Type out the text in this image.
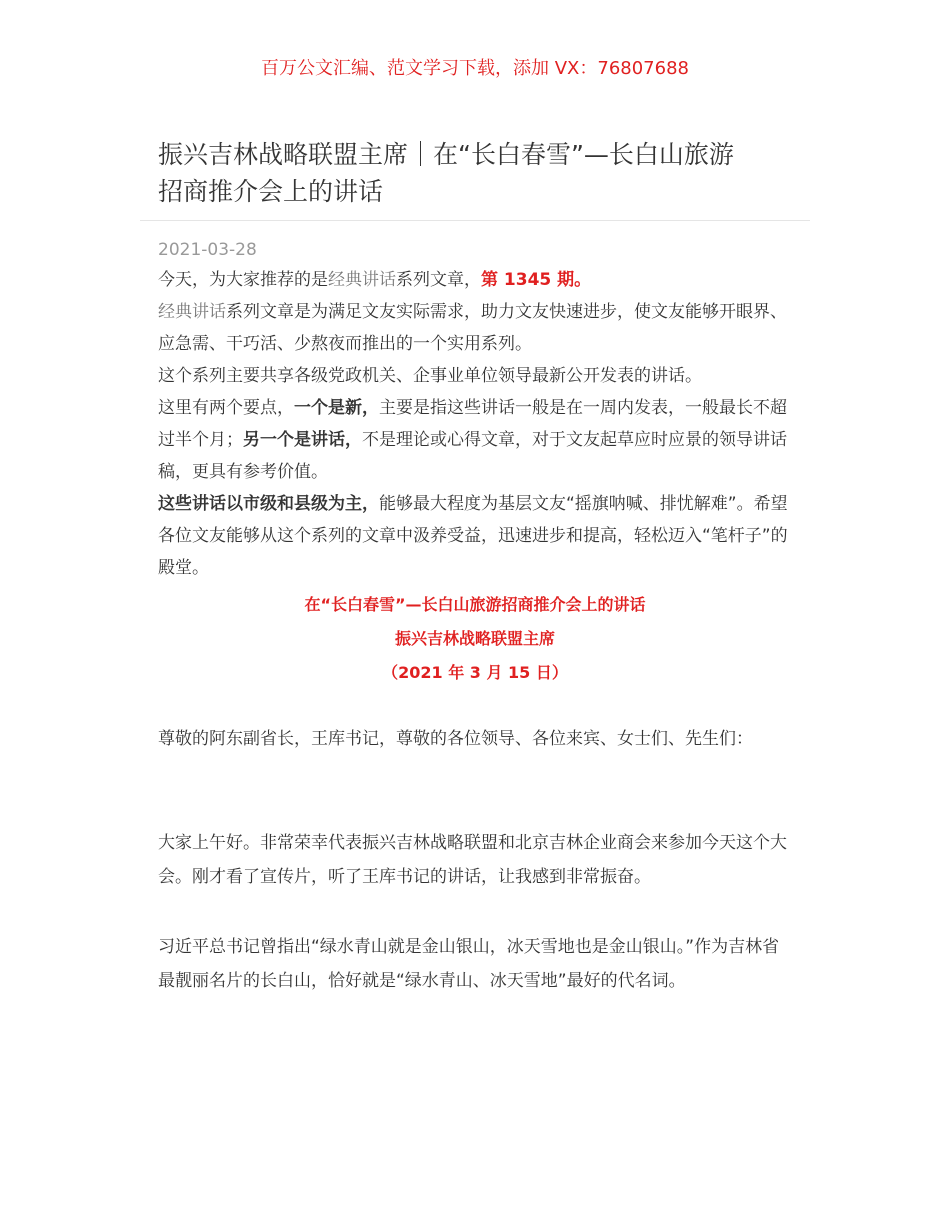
百万公文汇编、范文学习下载，添加 VX：76807688
振兴吉林战略联盟主席｜在“长白春雪”—长白山旅游
招商推介会上的讲话
2021-03-28

今天，为大家推荐的是经典讲话系列文章，第 1345 期。

经典讲话系列文章是为满足文友实际需求，助力文友快速进步，使文友能够开眼界、应急需、干巧活、少熬夜而推出的一个实用系列。

这个系列主要共享各级党政机关、企事业单位领导最新公开发表的讲话。

这里有两个要点，一个是新，主要是指这些讲话一般是在一周内发表，一般最长不超过半个月；另一个是讲话，不是理论或心得文章，对于文友起草应时应景的领导讲话稿，更具有参考价值。

这些讲话以市级和县级为主，能够最大程度为基层文友“摇旗呐喊、排忧解难”。希望各位文友能够从这个系列的文章中汲养受益，迅速进步和提高，轻松迈入“笔杆子”的殿堂。

在“长白春雪”—长白山旅游招商推介会上的讲话
振兴吉林战略联盟主席
（2021 年 3 月 15 日）

尊敬的阿东副省长，王库书记，尊敬的各位领导、各位来宾、女士们、先生们：

大家上午好。非常荣幸代表振兴吉林战略联盟和北京吉林企业商会来参加今天这个大会。刚才看了宣传片，听了王库书记的讲话，让我感到非常振奋。

习近平总书记曾指出“绿水青山就是金山银山，冰天雪地也是金山银山。”作为吉林省最靓丽名片的长白山，恰好就是“绿水青山、冰天雪地”最好的代名词。
